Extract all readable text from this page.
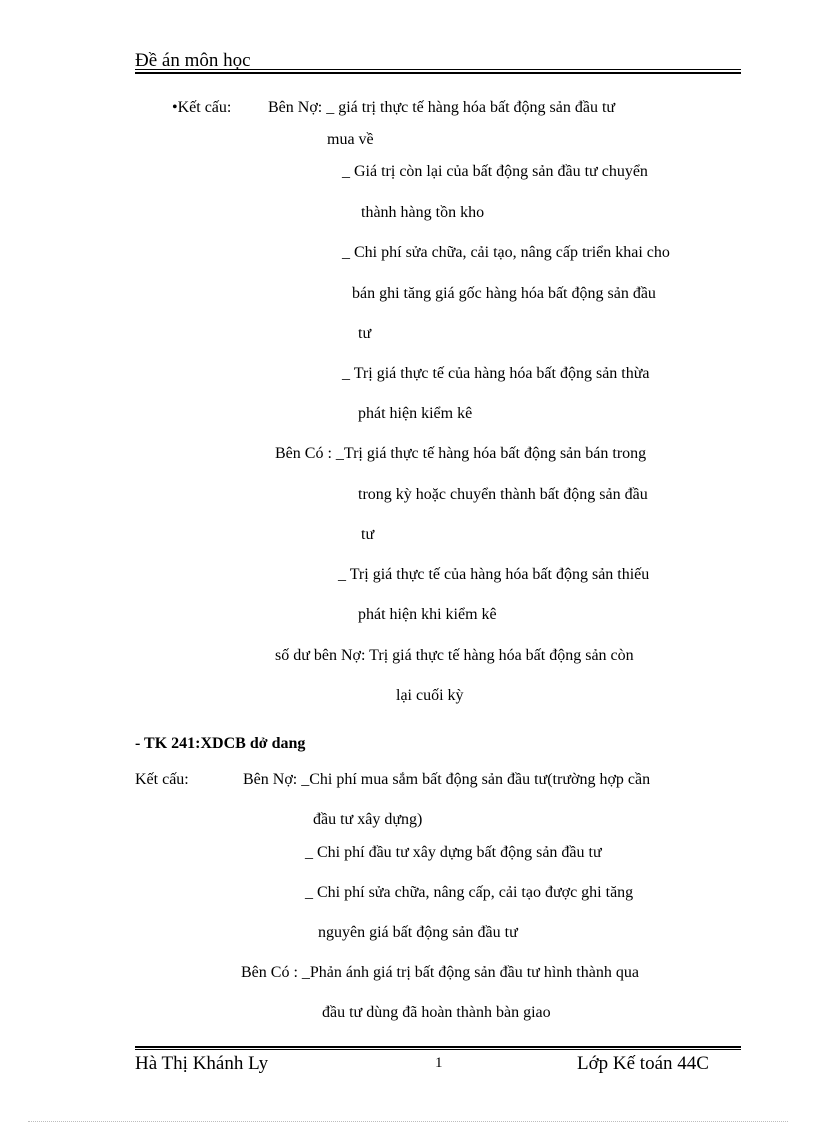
Đề án môn học
•Kết cấu: Bên Nợ: _ giá trị thực tế hàng hóa bất động sản đầu tư
mua về
_ Giá trị còn lại của bất động sản đầu tư chuyển
thành hàng tồn kho
_ Chi phí sửa chữa, cải tạo, nâng cấp triển khai cho
bán ghi tăng giá gốc hàng hóa bất động sản đầu
tư
_ Trị giá thực tế của hàng hóa bất động sản thừa
phát hiện kiểm kê
Bên Có : _Trị giá thực tế hàng hóa bất động sản bán trong
trong kỳ hoặc chuyển thành bất động sản đầu
tư
_ Trị giá thực tế của hàng hóa bất động sản thiếu
phát hiện khi kiểm kê
số dư bên Nợ: Trị giá thực tế hàng hóa bất động sản còn
lại cuối kỳ
- TK 241:XDCB dở dang
Kết cấu:	Bên Nợ: _Chi phí mua sắm bất động sản đầu tư(trường hợp cần
đầu tư xây dựng)
_ Chi phí đầu tư xây dựng bất động sản đầu tư
_ Chi phí sửa chữa, nâng cấp, cải tạo được ghi tăng
nguyên giá bất động sản đầu tư
Bên Có : _Phản ánh giá trị bất động sản đầu tư hình thành qua
đầu tư dùng đã hoàn thành bàn giao
Hà Thị Khánh Ly	1	Lớp Kế toán 44C
